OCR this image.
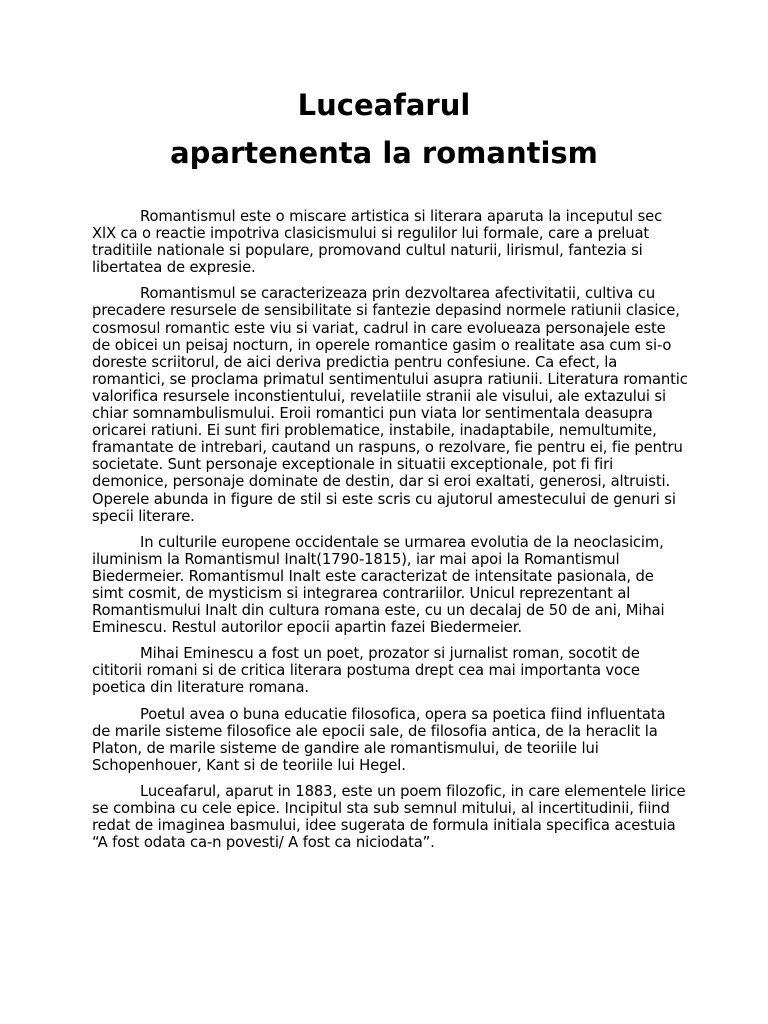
Luceafarul
apartenenta la romantism

Romantismul este o miscare artistica si literara aparuta la inceputul sec XlX ca o reactie impotriva clasicismului si regulilor lui formale, care a preluat traditiile nationale si populare, promovand cultul naturii, lirismul, fantezia si libertatea de expresie.

Romantismul se caracterizeaza prin dezvoltarea afectivitatii, cultiva cu precadere resursele de sensibilitate si fantezie depasind normele ratiunii clasice, cosmosul romantic este viu si variat, cadrul in care evolueaza personajele este de obicei un peisaj nocturn, in operele romantice gasim o realitate asa cum si-o doreste scriitorul, de aici deriva predictia pentru confesiune. Ca efect, la romantici, se proclama primatul sentimentului asupra ratiunii. Literatura romantic valorifica resursele inconstientului, revelatiile stranii ale visului, ale extazului si chiar somnambulismului. Eroii romantici pun viata lor sentimentala deasupra oricarei ratiuni. Ei sunt firi problematice, instabile, inadaptabile, nemultumite, framantate de intrebari, cautand un raspuns, o rezolvare, fie pentru ei, fie pentru societate. Sunt personaje exceptionale in situatii exceptionale, pot fi firi demonice, personaje dominate de destin, dar si eroi exaltati, generosi, altruisti. Operele abunda in figure de stil si este scris cu ajutorul amestecului de genuri si specii literare.

In culturile europene occidentale se urmarea evolutia de la neoclasicim, iluminism la Romantismul Inalt(1790-1815), iar mai apoi la Romantismul Biedermeier. Romantismul Inalt este caracterizat de intensitate pasionala, de simt cosmit, de mysticism si integrarea contrariilor. Unicul reprezentant al Romantismului Inalt din cultura romana este, cu un decalaj de 50 de ani, Mihai Eminescu. Restul autorilor epocii apartin fazei Biedermeier.

Mihai Eminescu a fost un poet, prozator si jurnalist roman, socotit de cititorii romani si de critica literara postuma drept cea mai importanta voce poetica din literature romana.

Poetul avea o buna educatie filosofica, opera sa poetica fiind influentata de marile sisteme filosofice ale epocii sale, de filosofia antica, de la heraclit la Platon, de marile sisteme de gandire ale romantismului, de teoriile lui Schopenhouer, Kant si de teoriile lui Hegel.

Luceafarul, aparut in 1883, este un poem filozofic, in care elementele lirice se combina cu cele epice. Incipitul sta sub semnul mitului, al incertitudinii, fiind redat de imaginea basmului, idee sugerata de formula initiala specifica acestuia “A fost odata ca-n povesti/ A fost ca niciodata”.
